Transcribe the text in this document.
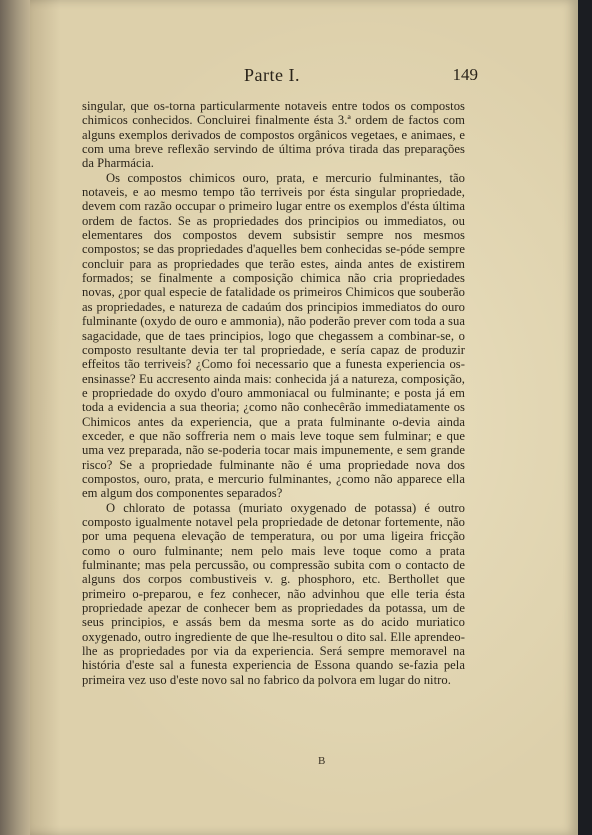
Parte I.	149

singular, que os-torna particularmente notaveis entre todos os compostos chimicos conhecidos. Concluirei finalmente ésta 3.ª ordem de factos com alguns exemplos derivados de compostos orgânicos vegetaes, e animaes, e com uma breve reflexão servindo de última próva tirada das preparações da Pharmácia.

Os compostos chimicos ouro, prata, e mercurio fulminantes, tão notaveis, e ao mesmo tempo tão terriveis por ésta singular propriedade, devem com razão occupar o primeiro lugar entre os exemplos d'ésta última ordem de factos. Se as propriedades dos principios ou immediatos, ou elementares dos compostos devem subsistir sempre nos mesmos compostos; se das propriedades d'aquelles bem conhecidas se-póde sempre concluir para as propriedades que terão estes, ainda antes de existirem formados; se finalmente a composição chimica não cria propriedades novas, ¿por qual especie de fatalidade os primeiros Chimicos que souberão as propriedades, e natureza de cadaúm dos principios immediatos do ouro fulminante (oxydo de ouro e ammonia), não poderão prever com toda a sua sagacidade, que de taes principios, logo que chegassem a combinar-se, o composto resultante devia ter tal propriedade, e sería capaz de produzir effeitos tão terriveis? ¿Como foi necessario que a funesta experiencia os-ensinasse? Eu accresento ainda mais: conhecida já a natureza, composição, e propriedade do oxydo d'ouro ammoniacal ou fulminante; e posta já em toda a evidencia a sua theoria; ¿como não conhecêrão immediatamente os Chimicos antes da experiencia, que a prata fulminante o-devia ainda exceder, e que não soffreria nem o mais leve toque sem fulminar; e que uma vez preparada, não se-poderia tocar mais impunemente, e sem grande risco? Se a propriedade fulminante não é uma propriedade nova dos compostos, ouro, prata, e mercurio fulminantes, ¿como não apparece ella em algum dos componentes separados?

O chlorato de potassa (muriato oxygenado de potassa) é outro composto igualmente notavel pela propriedade de detonar fortemente, não por uma pequena elevação de temperatura, ou por uma ligeira fricção como o ouro fulminante; nem pelo mais leve toque como a prata fulminante; mas pela percussão, ou compressão subita com o contacto de alguns dos corpos combustiveis v. g. phosphoro, etc. Berthollet que primeiro o-preparou, e fez conhecer, não advinhou que elle teria ésta propriedade apezar de conhecer bem as propriedades da potassa, um de seus principios, e assás bem da mesma sorte as do acido muriatico oxygenado, outro ingrediente de que lhe-resultou o dito sal. Elle aprendeo-lhe as propriedades por via da experiencia. Será sempre memoravel na história d'este sal a funesta experiencia de Essona quando se-fazia pela primeira vez uso d'este novo sal no fabrico da polvora em lugar do nitro.

B
